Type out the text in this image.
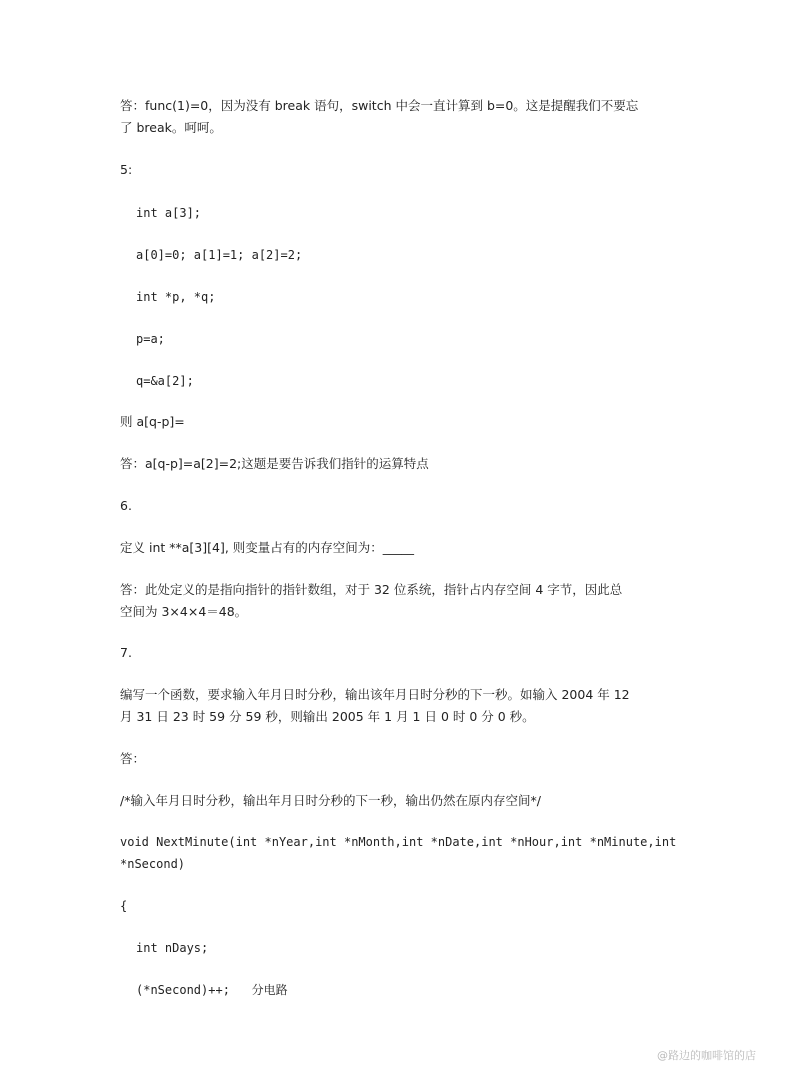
答：func(1)=0，因为没有 break 语句，switch 中会一直计算到 b=0。这是提醒我们不要忘
了 break。呵呵。
5:
int a[3];
a[0]=0; a[1]=1; a[2]=2;
int *p, *q;
p=a;
q=&a[2];
则 a[q-p]=
答：a[q-p]=a[2]=2;这题是要告诉我们指针的运算特点
6.
定义 int **a[3][4], 则变量占有的内存空间为：_____
答：此处定义的是指向指针的指针数组，对于 32 位系统，指针占内存空间 4 字节，因此总
空间为 3×4×4＝48。
7.
编写一个函数，要求输入年月日时分秒，输出该年月日时分秒的下一秒。如输入 2004 年 12
月 31 日 23 时 59 分 59 秒，则输出 2005 年 1 月 1 日 0 时 0 分 0 秒。
答：
/*输入年月日时分秒，输出年月日时分秒的下一秒，输出仍然在原内存空间*/
void NextMinute(int *nYear,int *nMonth,int *nDate,int *nHour,int *nMinute,int
*nSecond)
{
int nDays;
(*nSecond)++;   分电路
@路边的咖啡馆的店
